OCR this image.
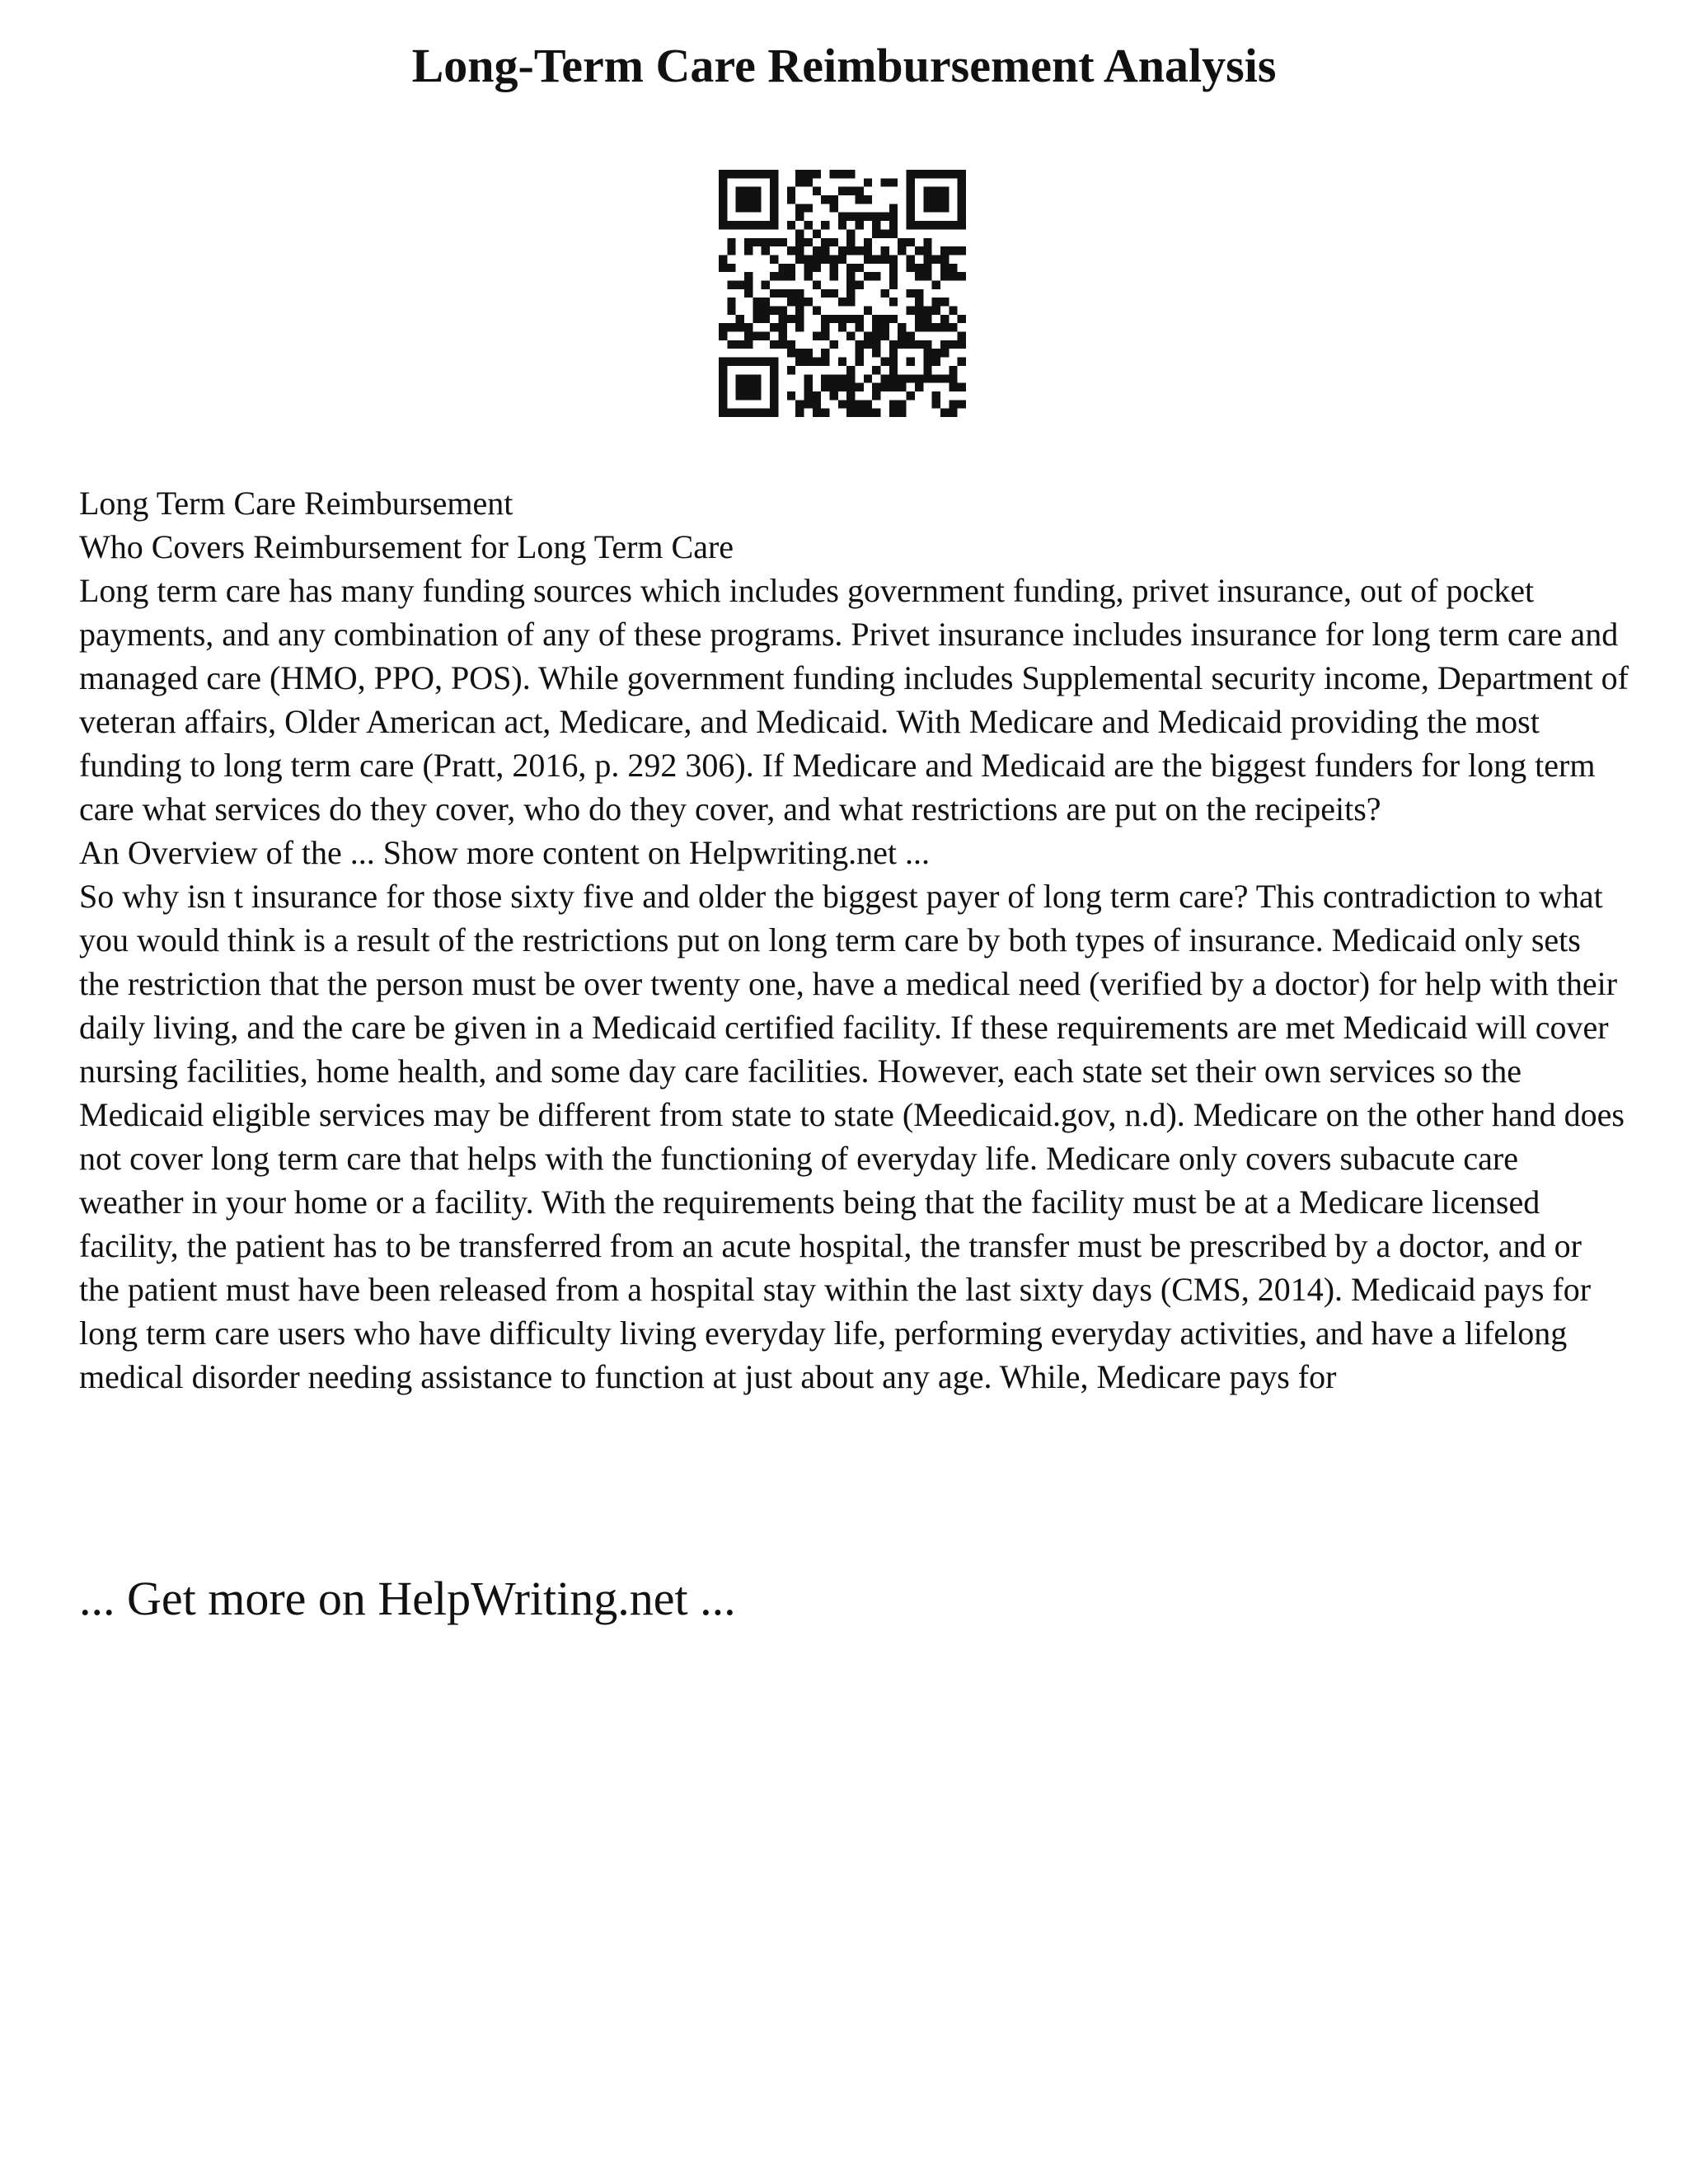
Long-Term Care Reimbursement Analysis

Long Term Care Reimbursement

Who Covers Reimbursement for Long Term Care

Long term care has many funding sources which includes government funding, privet insurance, out of pocket payments, and any combination of any of these programs. Privet insurance includes insurance for long term care and managed care (HMO, PPO, POS). While government funding includes Supplemental security income, Department of veteran affairs, Older American act, Medicare, and Medicaid. With Medicare and Medicaid providing the most funding to long term care (Pratt, 2016, p. 292 306). If Medicare and Medicaid are the biggest funders for long term care what services do they cover, who do they cover, and what restrictions are put on the recipeits?

An Overview of the ... Show more content on Helpwriting.net ...

So why isn t insurance for those sixty five and older the biggest payer of long term care? This contradiction to what you would think is a result of the restrictions put on long term care by both types of insurance. Medicaid only sets the restriction that the person must be over twenty one, have a medical need (verified by a doctor) for help with their daily living, and the care be given in a Medicaid certified facility. If these requirements are met Medicaid will cover nursing facilities, home health, and some day care facilities. However, each state set their own services so the Medicaid eligible services may be different from state to state (Meedicaid.gov, n.d). Medicare on the other hand does not cover long term care that helps with the functioning of everyday life. Medicare only covers subacute care weather in your home or a facility. With the requirements being that the facility must be at a Medicare licensed facility, the patient has to be transferred from an acute hospital, the transfer must be prescribed by a doctor, and or the patient must have been released from a hospital stay within the last sixty days (CMS, 2014). Medicaid pays for long term care users who have difficulty living everyday life, performing everyday activities, and have a lifelong medical disorder needing assistance to function at just about any age. While, Medicare pays for

... Get more on HelpWriting.net ...
